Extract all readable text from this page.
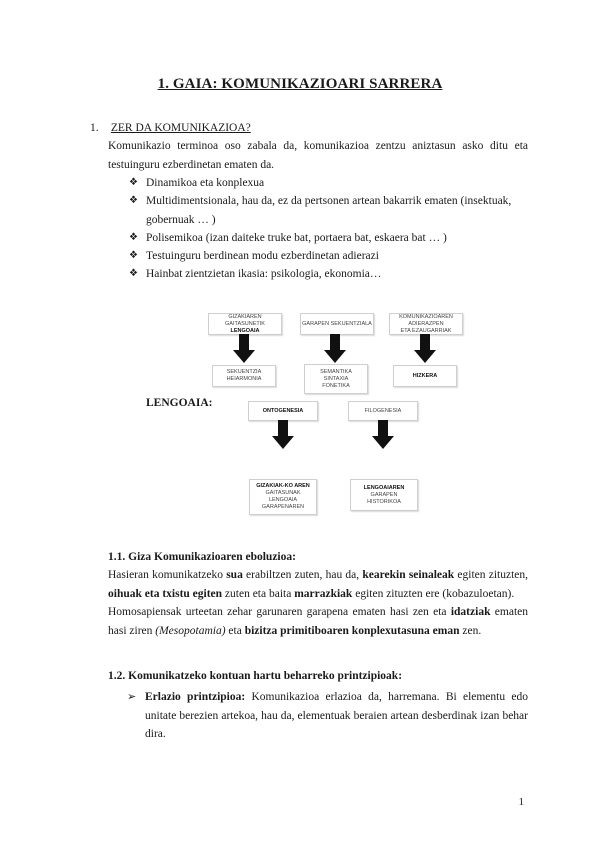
1. GAIA: KOMUNIKAZIOARI SARRERA
1. ZER DA KOMUNIKAZIOA?
Komunikazio terminoa oso zabala da, komunikazioa zentzu aniztasun asko ditu eta testuinguru ezberdinetan ematen da.
❖ Dinamikoa eta konplexua
❖ Multidimentsionala, hau da, ez da pertsonen artean bakarrik ematen (insektuak, gobernuak … )
❖ Polisemikoa (izan daiteke truke bat, portaera bat, eskaera bat … )
❖ Testuinguru berdinean modu ezberdinetan adierazi
❖ Hainbat zientzietan ikasia: psikologia, ekonomia…
GIZAKIAREN GAITASUNETIK
LENGOAIA
GARAPEN SEKUENTZIALA
KOMUNIKAZIOAREN ADIERAZPEN
ETA EZAUGARRIAK
SEKUENTZIA
HEIARMONIA
SEMANTIKA
SINTAXIA
FONETIKA
HIZKERA
LENGOAIA:
ONTOGENESIA	FILOGENESIA
GIZAKIAK-KO AREN
GAITASUNAK
LENGOAIA
GARAPENAREN
LENGOAIAREN
GARAPEN
HISTORIKOA
1.1. Giza Komunikazioaren eboluzioa:
Hasieran komunikatzeko sua erabiltzen zuten, hau da, kearekin seinaleak egiten zituzten, oihuak eta txistu egiten zuten eta baita marrazkiak egiten zituzten ere (kobazuloetan).
Homosapiensak urteetan zehar garunaren garapena ematen hasi zen eta idatziak ematen hasi ziren (Mesopotamia) eta bizitza primitiboaren konplexutasuna eman zen.
1.2. Komunikatzeko kontuan hartu beharreko printzipioak:
➢ Erlazio printzipioa: Komunikazioa erlazioa da, harremana. Bi elementu edo unitate berezien artekoa, hau da, elementuak beraien artean desberdinak izan behar dira.
1
